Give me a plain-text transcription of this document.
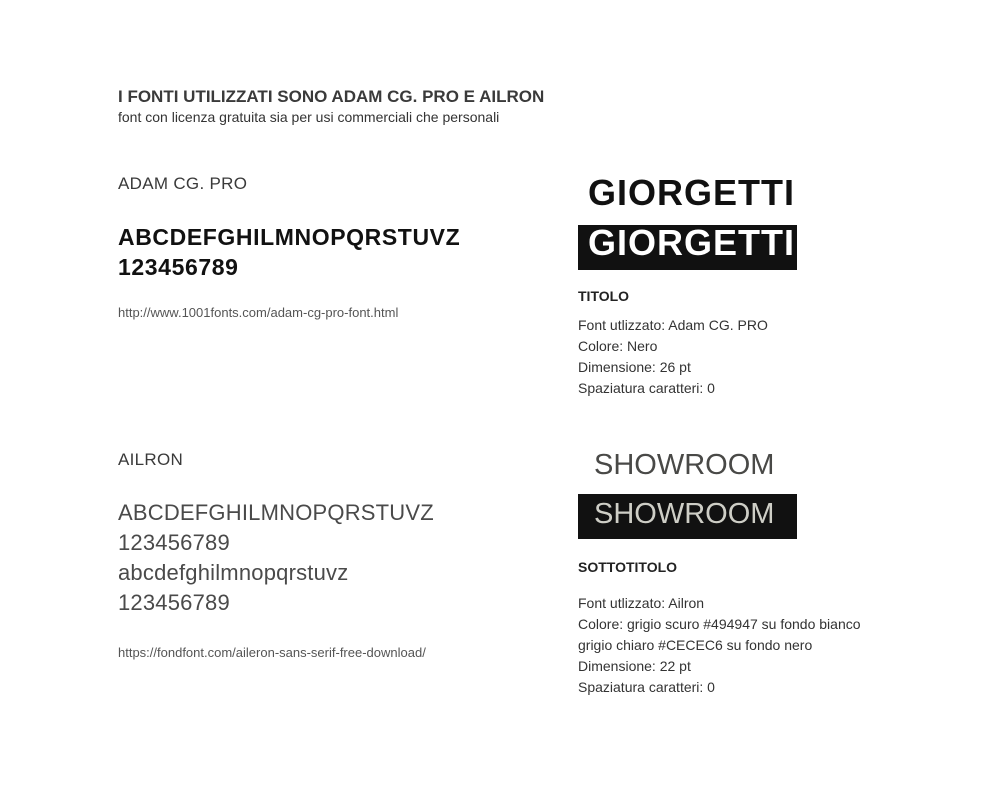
I FONTI UTILIZZATI SONO ADAM CG. PRO E AILRON
font con licenza gratuita sia per usi commerciali che personali
ADAM CG. PRO
ABCDEFGHILMNOPQRSTUVZ
123456789
http://www.1001fonts.com/adam-cg-pro-font.html
AILRON
ABCDEFGHILMNOPQRSTUVZ
123456789
abcdefghilmnopqrstuvz
123456789
https://fondfont.com/aileron-sans-serif-free-download/
GIORGETTI
GIORGETTI
TITOLO
Font utlizzato: Adam CG. PRO
Colore: Nero
Dimensione: 26 pt
Spaziatura caratteri: 0
SHOWROOM
SHOWROOM
SOTTOTITOLO
Font utlizzato: Ailron
Colore: grigio scuro #494947 su fondo bianco
grigio chiaro #CECEC6 su fondo nero
Dimensione: 22 pt
Spaziatura caratteri: 0
